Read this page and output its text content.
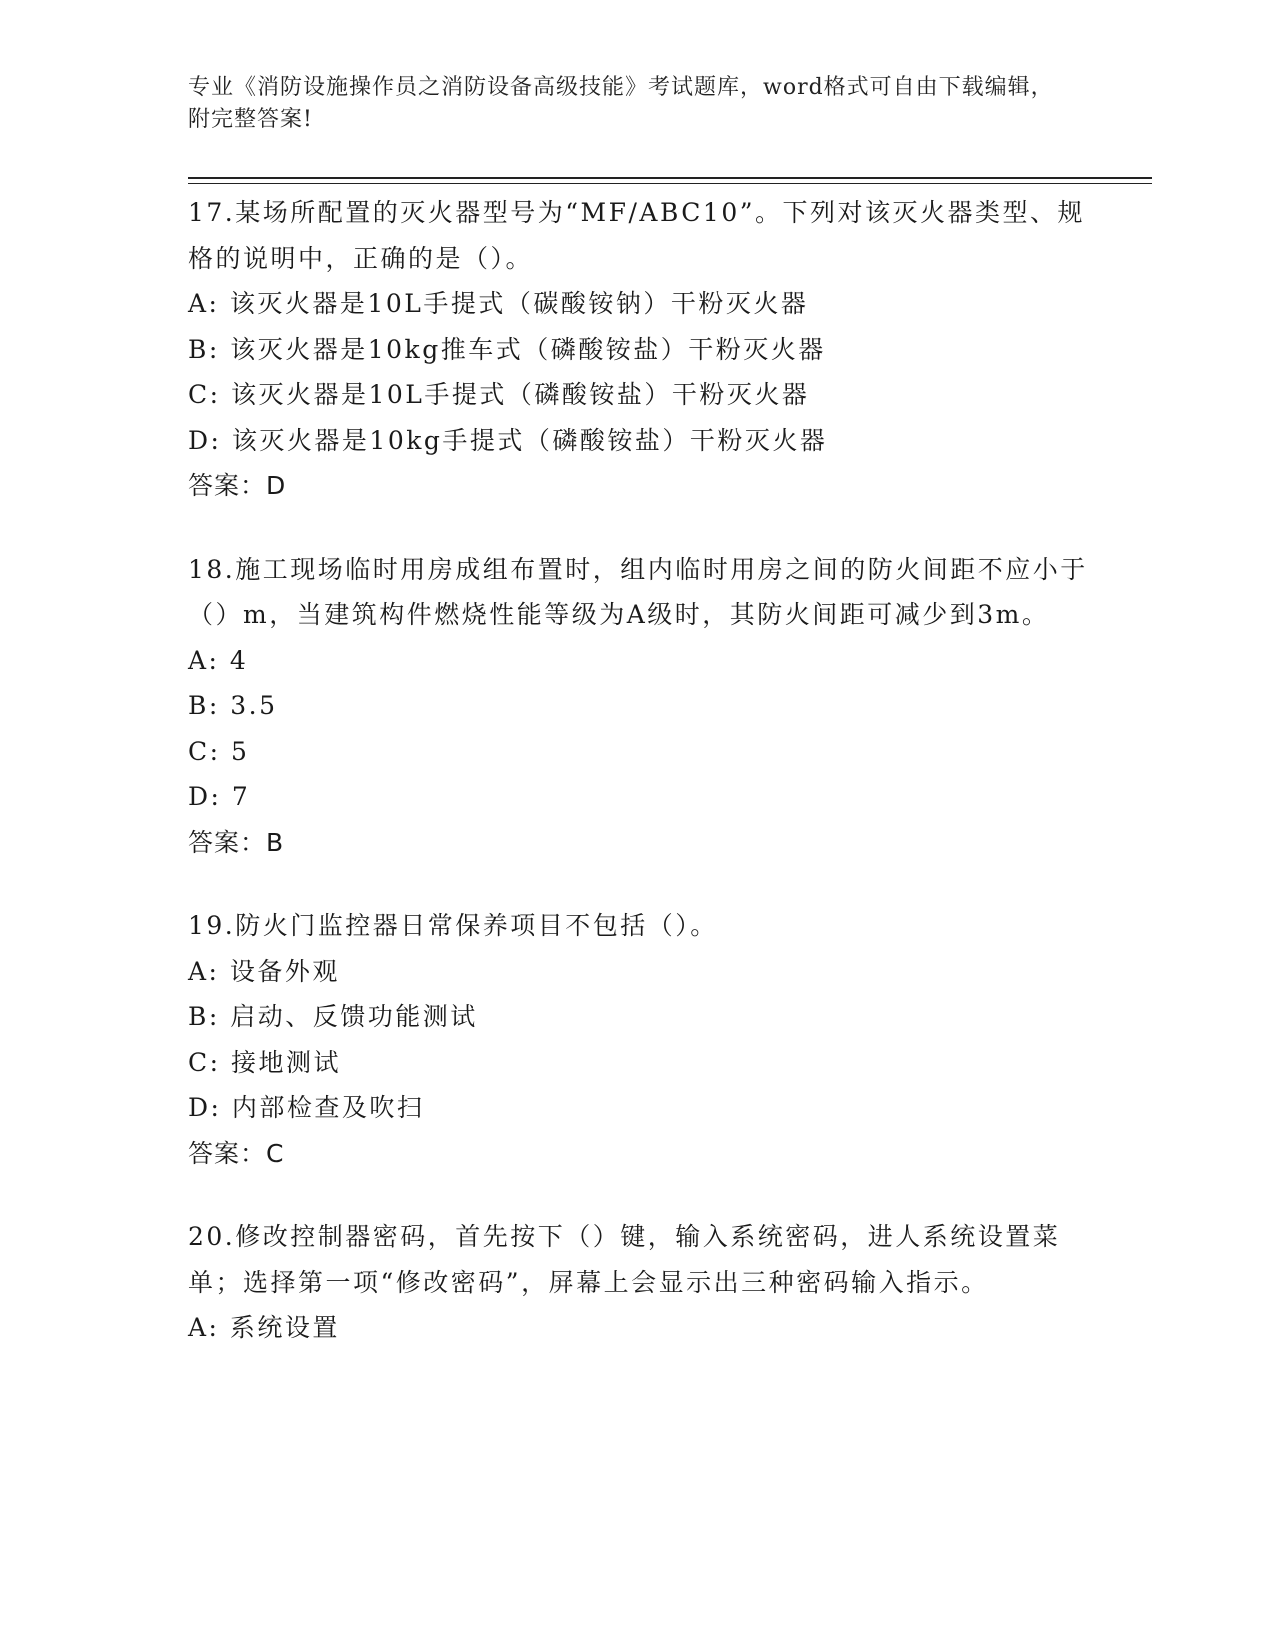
专业《消防设施操作员之消防设备高级技能》考试题库，word格式可自由下载编辑，附完整答案!

17.某场所配置的灭火器型号为“MF/ABC10”。下列对该灭火器类型、规格的说明中，正确的是（）。

A: 该灭火器是10L手提式（碳酸铵钠）干粉灭火器

B: 该灭火器是10kg推车式（磷酸铵盐）干粉灭火器

C: 该灭火器是10L手提式（磷酸铵盐）干粉灭火器

D: 该灭火器是10kg手提式（磷酸铵盐）干粉灭火器

答案：D

18.施工现场临时用房成组布置时，组内临时用房之间的防火间距不应小于（）m，当建筑构件燃烧性能等级为A级时，其防火间距可减少到3m。

A: 4

B: 3.5

C: 5

D: 7

答案：B

19.防火门监控器日常保养项目不包括（）。

A: 设备外观

B: 启动、反馈功能测试

C: 接地测试

D: 内部检查及吹扫

答案：C

20.修改控制器密码，首先按下（）键，输入系统密码，进人系统设置菜单；选择第一项“修改密码”，屏幕上会显示出三种密码输入指示。

A: 系统设置
